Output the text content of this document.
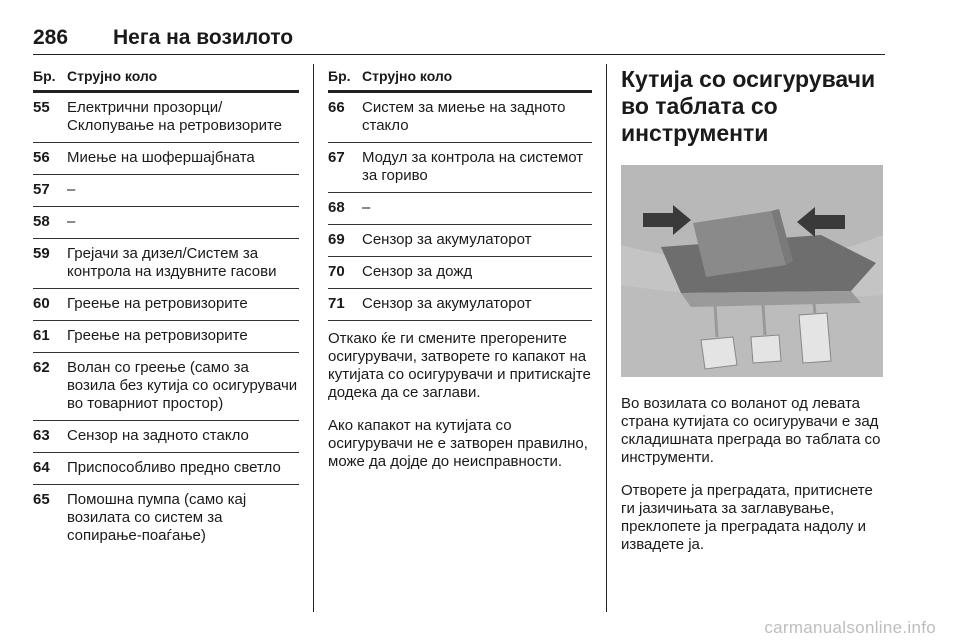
286 Нега на возилото
Бр. Струјно коло
55 Електрични прозорци/ Склопување на ретровизорите
56 Миење на шофершајбната
57 –
58 –
59 Грејачи за дизел/Систем за контрола на издувните гасови
60 Греење на ретровизорите
61 Греење на ретровизорите
62 Волан со греење (само за возила без кутија со осигурувачи во товарниот простор)
63 Сензор на задното стакло
64 Приспособливо предно светло
65 Помошна пумпа (само кај возилата со систем за сопирање-поаѓање)
Бр. Струјно коло
66 Систем за миење на задното стакло
67 Модул за контрола на системот за гориво
68 –
69 Сензор за акумулаторот
70 Сензор за дожд
71 Сензор за акумулаторот

Откако ќе ги смените прегорените осигурувачи, затворете го капакот на кутијата со осигурувачи и притискајте додека да се заглави.

Ако капакот на кутијата со осигурувачи не е затворен правилно, може да дојде до неисправности.

Кутија со осигурувачи во таблата со инструменти

Во возилата со воланот од левата страна кутијата со осигурувачи е зад складишната преграда во таблата со инструменти.

Отворете ја преградата, притиснете ги јазичињата за заглавување, преклопете ја преградата надолу и извадете ја.

carmanualsonline.info
